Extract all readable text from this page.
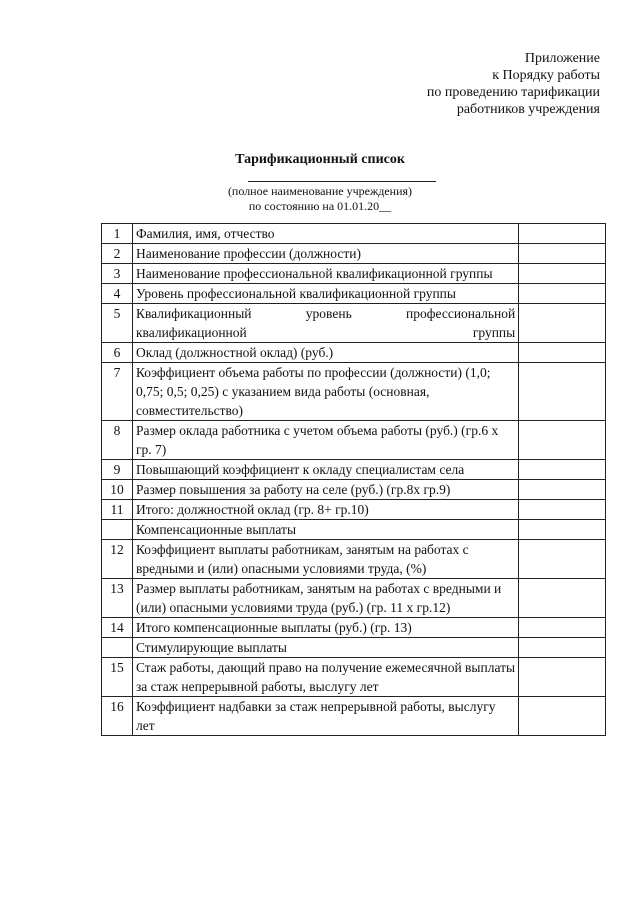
Приложение
к Порядку работы
по проведению тарификации
работников учреждения
Тарификационный список
(полное наименование учреждения)
по состоянию на 01.01.20__
1	Фамилия, имя, отчество	
2	Наименование профессии (должности)	
3	Наименование профессиональной квалификационной группы	
4	Уровень профессиональной квалификационной группы	
5	Квалификационный уровень профессиональной квалификационной группы	
6	Оклад (должностной оклад) (руб.)	
7	Коэффициент объема работы по профессии (должности) (1,0; 0,75; 0,5; 0,25) с указанием вида работы (основная, совместительство)	
8	Размер оклада работника с учетом объема работы (руб.) (гр.6 х гр. 7)	
9	Повышающий коэффициент к окладу специалистам села	
10	Размер повышения за работу на селе (руб.) (гр.8х гр.9)	
11	Итого: должностной оклад (гр. 8+ гр.10)	
	Компенсационные выплаты	
12	Коэффициент выплаты работникам, занятым на работах с вредными и (или) опасными условиями труда, (%)	
13	Размер выплаты работникам, занятым на работах с вредными и (или) опасными условиями труда (руб.) (гр. 11 х гр.12)	
14	Итого компенсационные выплаты (руб.) (гр. 13)	
	Стимулирующие выплаты	
15	Стаж работы, дающий право на получение ежемесячной выплаты за стаж непрерывной работы, выслугу лет	
16	Коэффициент надбавки за стаж непрерывной работы, выслугу лет	
